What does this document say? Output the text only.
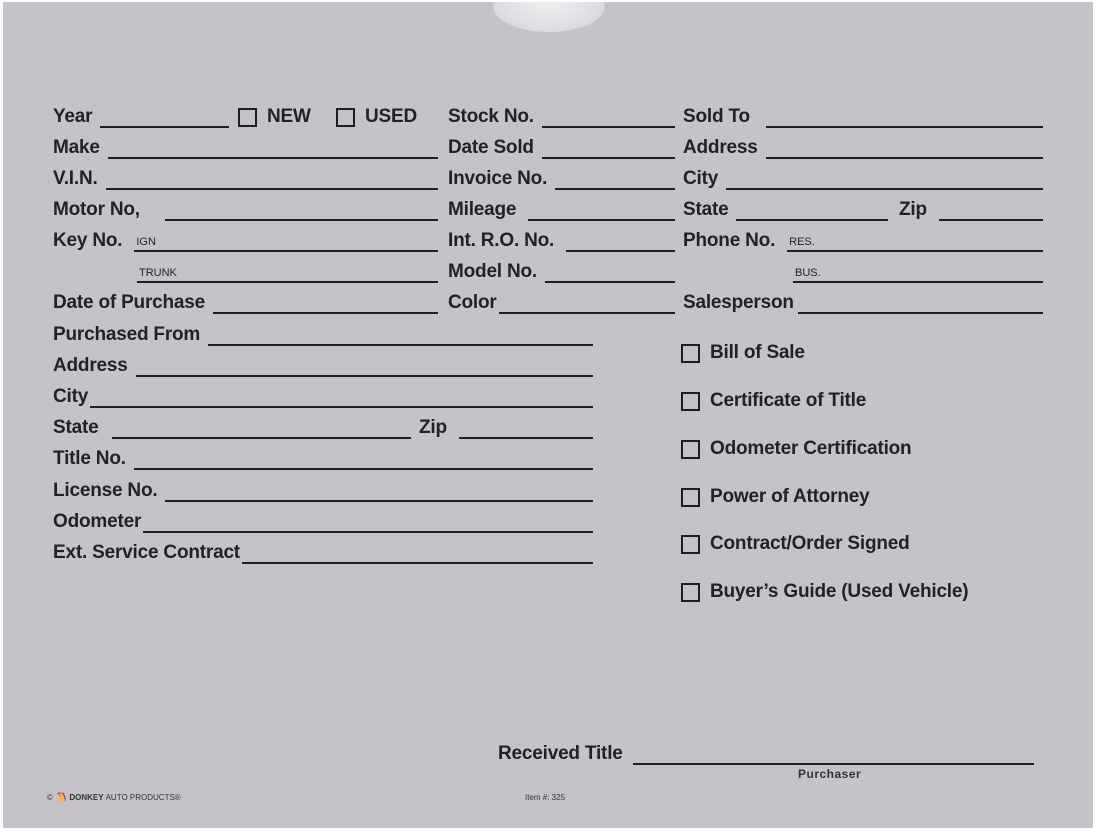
Year	NEW	USED
Make
V.I.N.
Motor No,
Key No. IGN
TRUNK
Date of Purchase
Purchased From
Address
City
State	Zip
Title No.
License No.
Odometer
Ext. Service Contract
Stock No.
Date Sold
Invoice No.
Mileage
Int. R.O. No.
Model No.
Color
Sold To
Address
City
State	Zip
Phone No. RES.
BUS.
Salesperson
Bill of Sale
Certificate of Title
Odometer Certification
Power of Attorney
Contract/Order Signed
Buyer’s Guide (Used Vehicle)
Received Title
Purchaser
© 🐴 DONKEY AUTO PRODUCTS®	Item #: 325
